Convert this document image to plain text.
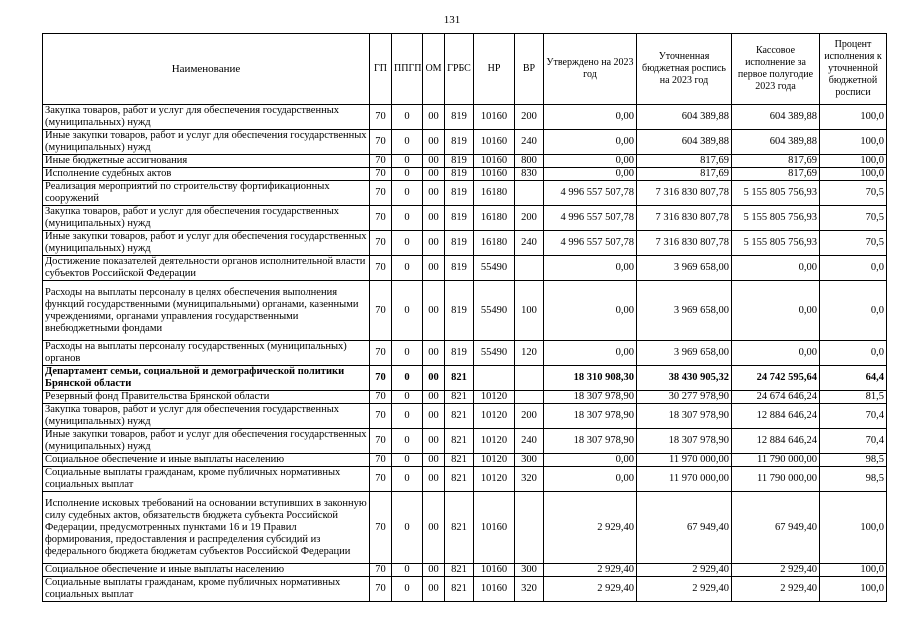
131
Наименование	ГП	ППГП	ОМ	ГРБС	НР	ВР	Утверждено на 2023 год	Уточненная бюджетная роспись на 2023 год	Кассовое исполнение за первое полугодие 2023 года	Процент исполнения к уточненной бюджетной росписи
Закупка товаров, работ и услуг для обеспечения государственных (муниципальных) нужд	70	0	00	819	10160	200	0,00	604 389,88	604 389,88	100,0
Иные закупки товаров, работ и услуг для обеспечения государственных (муниципальных) нужд	70	0	00	819	10160	240	0,00	604 389,88	604 389,88	100,0
Иные бюджетные ассигнования	70	0	00	819	10160	800	0,00	817,69	817,69	100,0
Исполнение судебных актов	70	0	00	819	10160	830	0,00	817,69	817,69	100,0
Реализация мероприятий по строительству фортификационных сооружений	70	0	00	819	16180		4 996 557 507,78	7 316 830 807,78	5 155 805 756,93	70,5
Закупка товаров, работ и услуг для обеспечения государственных (муниципальных) нужд	70	0	00	819	16180	200	4 996 557 507,78	7 316 830 807,78	5 155 805 756,93	70,5
Иные закупки товаров, работ и услуг для обеспечения государственных (муниципальных) нужд	70	0	00	819	16180	240	4 996 557 507,78	7 316 830 807,78	5 155 805 756,93	70,5
Достижение показателей деятельности органов исполнительной власти субъектов Российской Федерации	70	0	00	819	55490		0,00	3 969 658,00	0,00	0,0
Расходы на выплаты персоналу в целях обеспечения выполнения функций государственными (муниципальными) органами, казенными учреждениями, органами управления государственными внебюджетными фондами	70	0	00	819	55490	100	0,00	3 969 658,00	0,00	0,0
Расходы на выплаты персоналу государственных (муниципальных) органов	70	0	00	819	55490	120	0,00	3 969 658,00	0,00	0,0
Департамент семьи, социальной и демографической политики Брянской области	70	0	00	821			18 310 908,30	38 430 905,32	24 742 595,64	64,4
Резервный фонд Правительства Брянской области	70	0	00	821	10120		18 307 978,90	30 277 978,90	24 674 646,24	81,5
Закупка товаров, работ и услуг для обеспечения государственных (муниципальных) нужд	70	0	00	821	10120	200	18 307 978,90	18 307 978,90	12 884 646,24	70,4
Иные закупки товаров, работ и услуг для обеспечения государственных (муниципальных) нужд	70	0	00	821	10120	240	18 307 978,90	18 307 978,90	12 884 646,24	70,4
Социальное обеспечение и иные выплаты населению	70	0	00	821	10120	300	0,00	11 970 000,00	11 790 000,00	98,5
Социальные выплаты гражданам, кроме публичных нормативных социальных выплат	70	0	00	821	10120	320	0,00	11 970 000,00	11 790 000,00	98,5
Исполнение исковых требований на основании вступивших в законную силу судебных актов, обязательств бюджета субъекта Российской Федерации, предусмотренных пунктами 16 и 19 Правил формирования, предоставления и распределения субсидий из федерального бюджета бюджетам субъектов Российской Федерации	70	0	00	821	10160		2 929,40	67 949,40	67 949,40	100,0
Социальное обеспечение и иные выплаты населению	70	0	00	821	10160	300	2 929,40	2 929,40	2 929,40	100,0
Социальные выплаты гражданам, кроме публичных нормативных социальных выплат	70	0	00	821	10160	320	2 929,40	2 929,40	2 929,40	100,0
